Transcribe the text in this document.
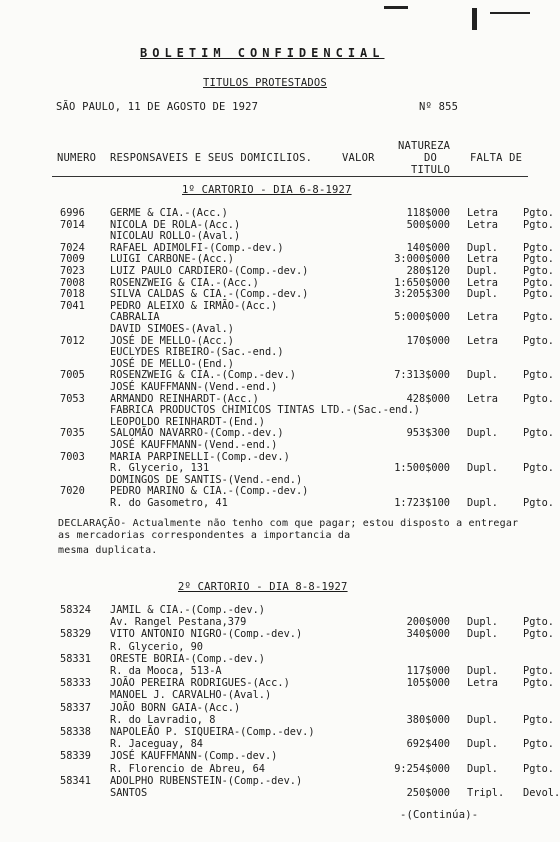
BOLETIM CONFIDENCIAL
TITULOS PROTESTADOS
SÃO PAULO, 11 DE AGOSTO DE 1927	Nº 855
NATUREZA
NUMERO RESPONSAVEIS E SEUS DOMICILIOS.	VALOR	DO	FALTA DE
TITULO
1º CARTORIO - DIA 6-8-1927
6996 GERME & CIA.-(Acc.)	118$000 Letra Pgto.
7014 NICOLA DE ROLA-(Acc.)	500$000 Letra Pgto.
NICOLAU ROLLO-(Aval.)
7024 RAFAEL ADIMOLFI-(Comp.-dev.)	140$000 Dupl. Pgto.
7009 LUIGI CARBONE-(Acc.)	3:000$000 Letra Pgto.
7023 LUIZ PAULO CARDIERO-(Comp.-dev.)	280$120 Dupl. Pgto.
7008 ROSENZWEIG & CIA.-(Acc.)	1:650$000 Letra Pgto.
7018 SILVA CALDAS & CIA.-(Comp.-dev.)	3:205$300 Dupl. Pgto.
7041 PEDRO ALEIXO & IRMÃO-(Acc.)
CABRALIA	5:000$000 Letra Pgto.
DAVID SIMOES-(Aval.)
7012 JOSÉ DE MELLO-(Acc.)	170$000 Letra Pgto.
EUCLYDES RIBEIRO-(Sac.-end.)
JOSÉ DE MELLO-(End.)
7005 ROSENZWEIG & CIA.-(Comp.-dev.)	7:313$000 Dupl. Pgto.
JOSÉ KAUFFMANN-(Vend.-end.)
7053 ARMANDO REINHARDT-(Acc.)	428$000 Letra Pgto.
FABRICA PRODUCTOS CHIMICOS TINTAS LTD.-(Sac.-end.)
LEOPOLDO REINHARDT-(End.)
7035 SALOMÃO NAVARRO-(Comp.-dev.)	953$300 Dupl. Pgto.
JOSÉ KAUFFMANN-(Vend.-end.)
7003 MARIA PARPINELLI-(Comp.-dev.)
R. Glycerio, 131	1:500$000 Dupl. Pgto.
DOMINGOS DE SANTIS-(Vend.-end.)
7020 PEDRO MARINO & CIA.-(Comp.-dev.)
R. do Gasometro, 41	1:723$100 Dupl. Pgto.
DECLARAÇÃO- Actualmente não tenho com que pagar; estou disposto a entregar as mercadorias correspondentes a importancia da
mesma duplicata.
2º CARTORIO - DIA 8-8-1927
58324 JAMIL & CIA.-(Comp.-dev.)
Av. Rangel Pestana,379	200$000 Dupl. Pgto.
58329 VITO ANTONIO NIGRO-(Comp.-dev.)	340$000 Dupl. Pgto.
R. Glycerio, 90
58331 ORESTE BORIA-(Comp.-dev.)
R. da Mooca, 513-A	117$000 Dupl. Pgto.
58333 JOÃO PEREIRA RODRIGUES-(Acc.)	105$000 Letra Pgto.
MANOEL J. CARVALHO-(Aval.)
58337 JOÃO BORN GAIA-(Acc.)
R. do Lavradio, 8	380$000 Dupl. Pgto.
58338 NAPOLEÃO P. SIQUEIRA-(Comp.-dev.)
R. Jaceguay, 84	692$400 Dupl. Pgto.
58339 JOSÉ KAUFFMANN-(Comp.-dev.)
R. Florencio de Abreu, 64	9:254$000 Dupl. Pgto.
58341 ADOLPHO RUBENSTEIN-(Comp.-dev.)
SANTOS	250$000 Tripl. Devol.
-(Continúa)-
